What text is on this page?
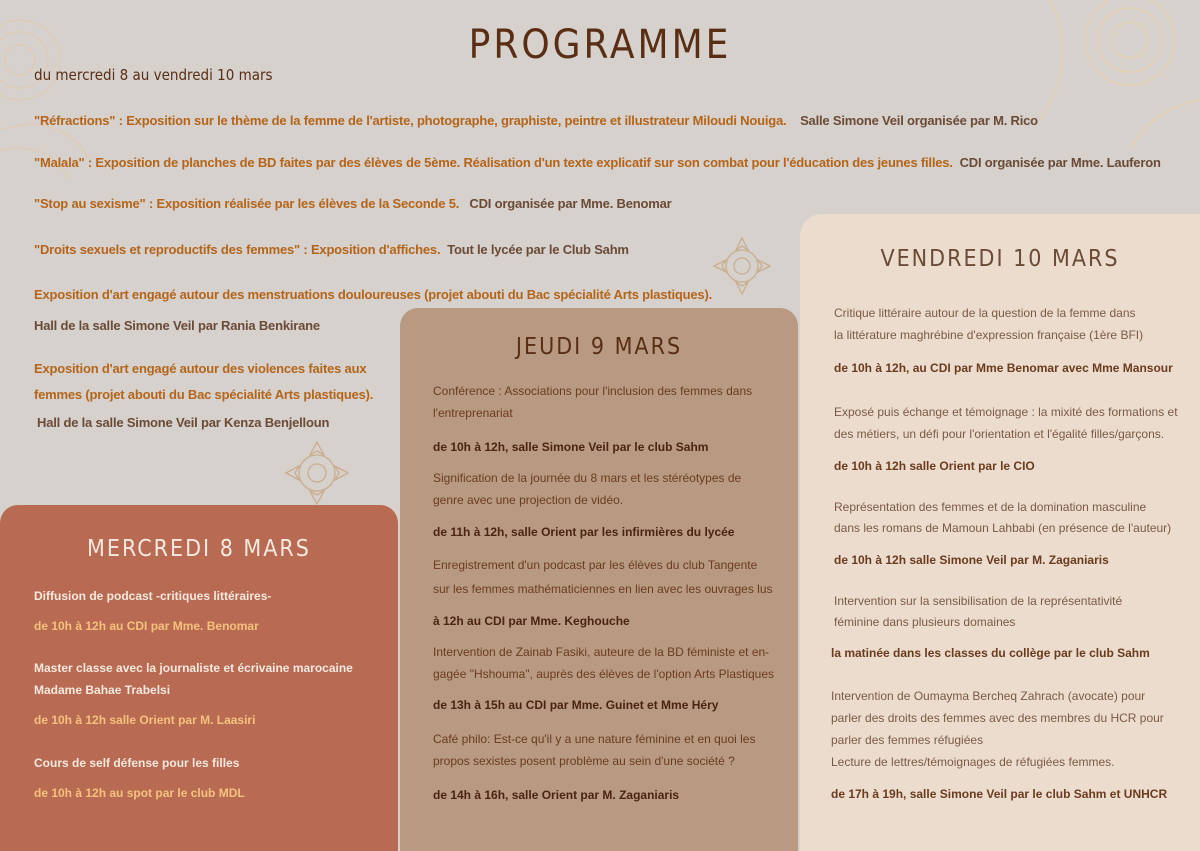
PROGRAMME
du mercredi 8 au vendredi 10 mars
"Réfractions" : Exposition sur le thème de la femme de l'artiste, photographe, graphiste, peintre et illustrateur Miloudi Nouiga. Salle Simone Veil organisée par M. Rico
"Malala" : Exposition de planches de BD faites par des élèves de 5ème. Réalisation d'un texte explicatif sur son combat pour l'éducation des jeunes filles. CDI organisée par Mme. Lauferon
"Stop au sexisme" : Exposition réalisée par les élèves de la Seconde 5. CDI organisée par Mme. Benomar
"Droits sexuels et reproductifs des femmes" : Exposition d'affiches. Tout le lycée par le Club Sahm
Exposition d'art engagé autour des menstruations douloureuses (projet abouti du Bac spécialité Arts plastiques).
Hall de la salle Simone Veil par Rania Benkirane
Exposition d'art engagé autour des violences faites aux
femmes (projet abouti du Bac spécialité Arts plastiques).
Hall de la salle Simone Veil par Kenza Benjelloun
MERCREDI 8 MARS
Diffusion de podcast -critiques littéraires-
de 10h à 12h au CDI par Mme. Benomar
Master classe avec la journaliste et écrivaine marocaine
Madame Bahae Trabelsi
de 10h à 12h salle Orient par M. Laasiri
Cours de self défense pour les filles
de 10h à 12h au spot par le club MDL
JEUDI 9 MARS
Conférence : Associations pour l'inclusion des femmes dans
l'entreprenariat
de 10h à 12h, salle Simone Veil par le club Sahm
Signification de la journée du 8 mars et les stéréotypes de
genre avec une projection de vidéo.
de 11h à 12h, salle Orient par les infirmières du lycée
Enregistrement d'un podcast par les élèves du club Tangente
sur les femmes mathématiciennes en lien avec les ouvrages lus
à 12h au CDI par Mme. Keghouche
Intervention de Zainab Fasiki, auteure de la BD féministe et en-
gagée "Hshouma", auprès des élèves de l'option Arts Plastiques
de 13h à 15h au CDI par Mme. Guinet et Mme Héry
Café philo: Est-ce qu'il y a une nature féminine et en quoi les
propos sexistes posent problème au sein d'une société ?
de 14h à 16h, salle Orient par M. Zaganiaris
VENDREDI 10 MARS
Critique littéraire autour de la question de la femme dans
la littérature maghrébine d'expression française (1ère BFI)
de 10h à 12h, au CDI par Mme Benomar avec Mme Mansour
Exposé puis échange et témoignage : la mixité des formations et
des métiers, un défi pour l'orientation et l'égalité filles/garçons.
de 10h à 12h salle Orient par le CIO
Représentation des femmes et de la domination masculine
dans les romans de Mamoun Lahbabi (en présence de l'auteur)
de 10h à 12h salle Simone Veil par M. Zaganiaris
Intervention sur la sensibilisation de la représentativité
féminine dans plusieurs domaines
la matinée dans les classes du collège par le club Sahm
Intervention de Oumayma Bercheq Zahrach (avocate) pour
parler des droits des femmes avec des membres du HCR pour
parler des femmes réfugiées
Lecture de lettres/témoignages de réfugiées femmes.
de 17h à 19h, salle Simone Veil par le club Sahm et UNHCR
